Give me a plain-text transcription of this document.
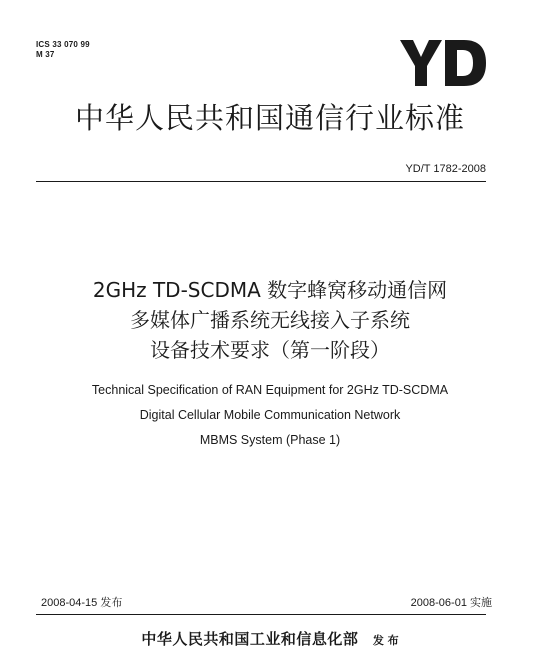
ICS 33 070 99
M 37
中华人民共和国通信行业标准
YD/T 1782-2008
2GHz TD-SCDMA 数字蜂窝移动通信网
多媒体广播系统无线接入子系统
设备技术要求（第一阶段）
Technical Specification of RAN Equipment for 2GHz TD-SCDMA
Digital Cellular Mobile Communication Network
MBMS System (Phase 1)
2008-04-15 发布	2008-06-01 实施
中华人民共和国工业和信息化部 发 布
